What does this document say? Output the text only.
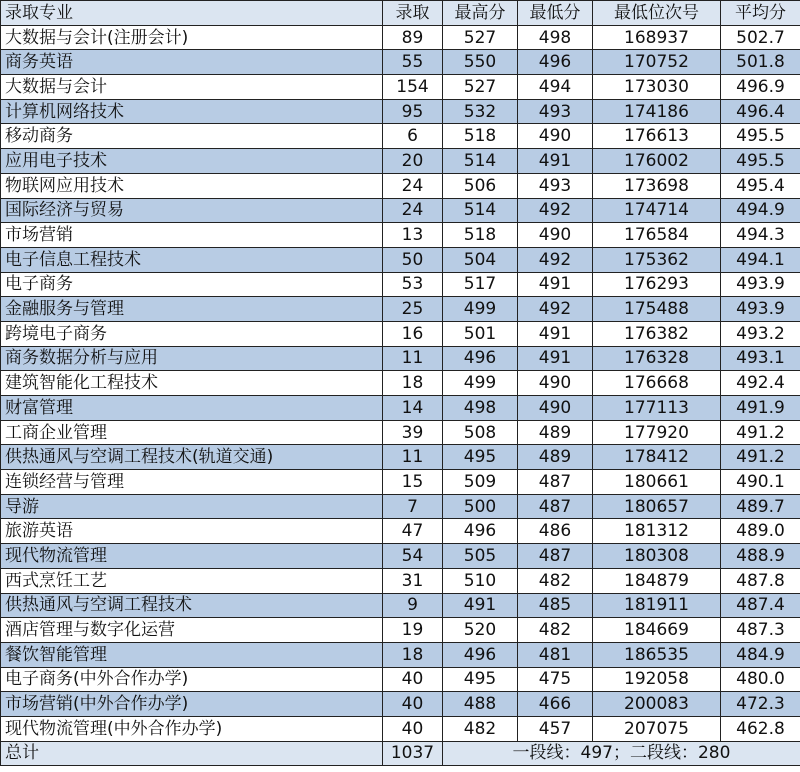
录取专业	录取	最高分	最低分	最低位次号	平均分
大数据与会计(注册会计)	89	527	498	168937	502.7
商务英语	55	550	496	170752	501.8
大数据与会计	154	527	494	173030	496.9
计算机网络技术	95	532	493	174186	496.4
移动商务	6	518	490	176613	495.5
应用电子技术	20	514	491	176002	495.5
物联网应用技术	24	506	493	173698	495.4
国际经济与贸易	24	514	492	174714	494.9
市场营销	13	518	490	176584	494.3
电子信息工程技术	50	504	492	175362	494.1
电子商务	53	517	491	176293	493.9
金融服务与管理	25	499	492	175488	493.9
跨境电子商务	16	501	491	176382	493.2
商务数据分析与应用	11	496	491	176328	493.1
建筑智能化工程技术	18	499	490	176668	492.4
财富管理	14	498	490	177113	491.9
工商企业管理	39	508	489	177920	491.2
供热通风与空调工程技术(轨道交通)	11	495	489	178412	491.2
连锁经营与管理	15	509	487	180661	490.1
导游	7	500	487	180657	489.7
旅游英语	47	496	486	181312	489.0
现代物流管理	54	505	487	180308	488.9
西式烹饪工艺	31	510	482	184879	487.8
供热通风与空调工程技术	9	491	485	181911	487.4
酒店管理与数字化运营	19	520	482	184669	487.3
餐饮智能管理	18	496	481	186535	484.9
电子商务(中外合作办学)	40	495	475	192058	480.0
市场营销(中外合作办学)	40	488	466	200083	472.3
现代物流管理(中外合作办学)	40	482	457	207075	462.8
总计	1037	一段线：497；二段线：280			
